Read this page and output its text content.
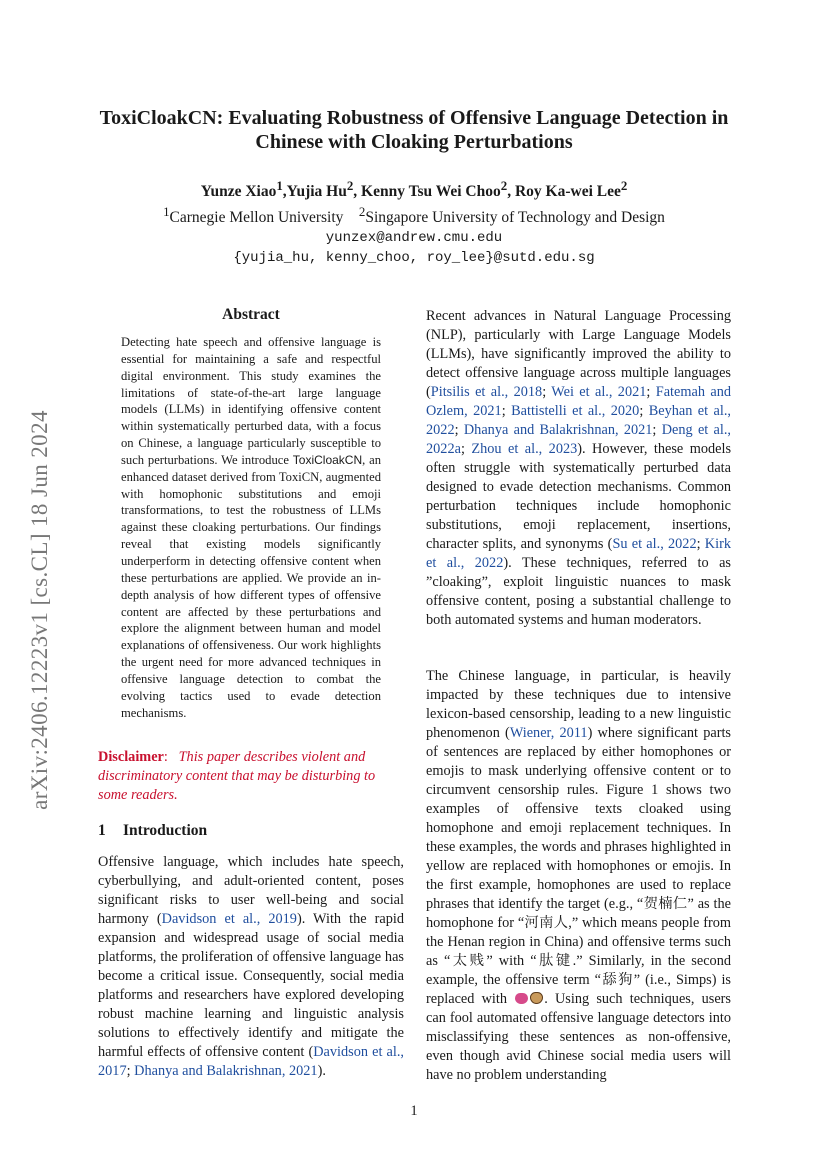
arXiv:2406.12223v1 [cs.CL] 18 Jun 2024
ToxiCloakCN: Evaluating Robustness of Offensive Language Detection in Chinese with Cloaking Perturbations
Yunze Xiao$^1$,Yujia Hu$^2$, Kenny Tsu Wei Choo$^2$, Roy Ka-wei Lee$^2$
$^1$Carnegie Mellon University $^2$Singapore University of Technology and Design
yunzex@andrew.cmu.edu
{yujia_hu, kenny_choo, roy_lee}@sutd.edu.sg
Abstract
Detecting hate speech and offensive language is essential for maintaining a safe and respectful digital environment. This study examines the limitations of state-of-the-art large language models (LLMs) in identifying offensive content within systematically perturbed data, with a focus on Chinese, a language particularly susceptible to such perturbations. We introduce ToxiCloakCN, an enhanced dataset derived from ToxiCN, augmented with homophonic substitutions and emoji transformations, to test the robustness of LLMs against these cloaking perturbations. Our findings reveal that existing models significantly underperform in detecting offensive content when these perturbations are applied. We provide an in-depth analysis of how different types of offensive content are affected by these perturbations and explore the alignment between human and model explanations of offensiveness. Our work highlights the urgent need for more advanced techniques in offensive language detection to combat the evolving tactics used to evade detection mechanisms.
Disclaimer:   This paper describes violent and discriminatory content that may be disturbing to some readers.
1 Introduction

Offensive language, which includes hate speech, cyberbullying, and adult-oriented content, poses significant risks to user well-being and social harmony (Davidson et al., 2019). With the rapid expansion and widespread usage of social media platforms, the proliferation of offensive language has become a critical issue. Consequently, social media platforms and researchers have explored developing robust machine learning and linguistic analysis solutions to effectively identify and mitigate the harmful effects of offensive content (Davidson et al., 2017; Dhanya and Balakrishnan, 2021).

Recent advances in Natural Language Processing (NLP), particularly with Large Language Models (LLMs), have significantly improved the ability to detect offensive language across multiple languages (Pitsilis et al., 2018; Wei et al., 2021; Fatemah and Ozlem, 2021; Battistelli et al., 2020; Beyhan et al., 2022; Dhanya and Balakrishnan, 2021; Deng et al., 2022a; Zhou et al., 2023). However, these models often struggle with systematically perturbed data designed to evade detection mechanisms. Common perturbation techniques include homophonic substitutions, emoji replacement, insertions, character splits, and synonyms (Su et al., 2022; Kirk et al., 2022). These techniques, referred to as ”cloaking”, exploit linguistic nuances to mask offensive content, posing a substantial challenge to both automated systems and human moderators.

The Chinese language, in particular, is heavily impacted by these techniques due to intensive lexicon-based censorship, leading to a new linguistic phenomenon (Wiener, 2011) where significant parts of sentences are replaced by either homophones or emojis to mask underlying offensive content or to circumvent censorship rules. Figure 1 shows two examples of offensive texts cloaked using homophone and emoji replacement techniques. In these examples, the words and phrases highlighted in yellow are replaced with homophones or emojis. In the first example, homophones are used to replace phrases that identify the target (e.g., “贺楠仁” as the homophone for “河南人,” which means people from the Henan region in China) and offensive terms such as “太贱” with “肽键.” Similarly, in the second example, the offensive term “舔狗” (i.e., Simps) is replaced with	. Using such techniques, users can fool automated offensive language detectors into misclassifying these sentences as non-offensive, even though avid Chinese social media users will have no problem understanding

1
